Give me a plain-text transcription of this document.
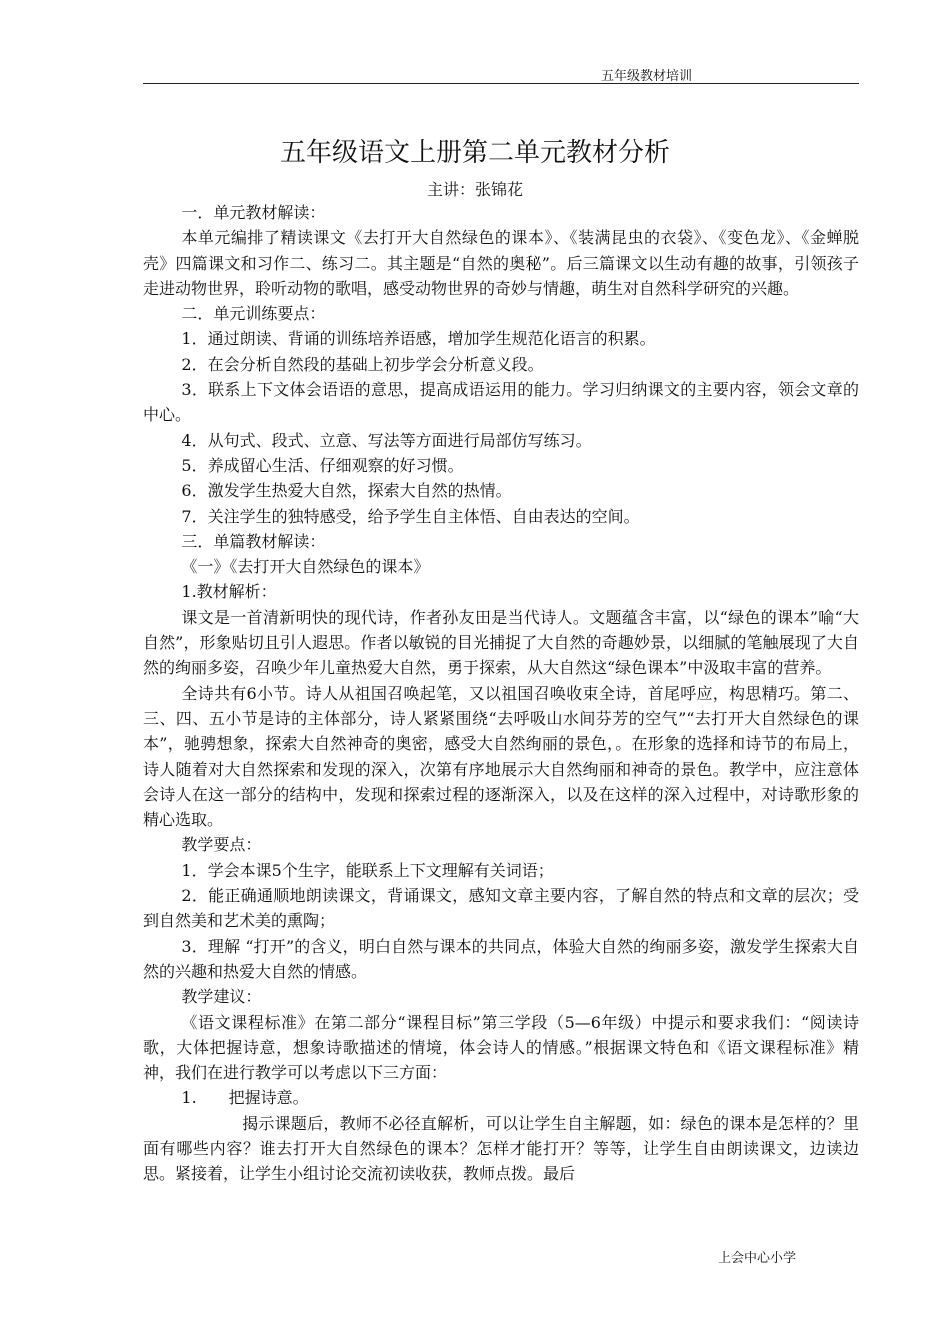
五年级教材培训
五年级语文上册第二单元教材分析
主讲：张锦花

一．单元教材解读：

本单元编排了精读课文《去打开大自然绿色的课本》、《装满昆虫的衣袋》、《变色龙》、《金蝉脱壳》四篇课文和习作二、练习二。其主题是“自然的奥秘”。后三篇课文以生动有趣的故事，引领孩子走进动物世界，聆听动物的歌唱，感受动物世界的奇妙与情趣，萌生对自然科学研究的兴趣。

二．单元训练要点：

1．通过朗读、背诵的训练培养语感，增加学生规范化语言的积累。

2．在会分析自然段的基础上初步学会分析意义段。

3．联系上下文体会语语的意思，提高成语运用的能力。学习归纳课文的主要内容，领会文章的中心。

4．从句式、段式、立意、写法等方面进行局部仿写练习。

5．养成留心生活、仔细观察的好习惯。

6．激发学生热爱大自然，探索大自然的热情。

7．关注学生的独特感受，给予学生自主体悟、自由表达的空间。

三．单篇教材解读：

《一》《去打开大自然绿色的课本》

1.教材解析：

课文是一首清新明快的现代诗，作者孙友田是当代诗人。文题蕴含丰富，以“绿色的课本”喻“大自然”，形象贴切且引人遐思。作者以敏锐的目光捕捉了大自然的奇趣妙景，以细腻的笔触展现了大自然的绚丽多姿，召唤少年儿童热爱大自然，勇于探索，从大自然这“绿色课本”中汲取丰富的营养。

全诗共有6小节。诗人从祖国召唤起笔，又以祖国召唤收束全诗，首尾呼应，构思精巧。第二、三、四、五小节是诗的主体部分，诗人紧紧围绕“去呼吸山水间芬芳的空气”“去打开大自然绿色的课本”，驰骋想象，探索大自然神奇的奥密，感受大自然绚丽的景色，。在形象的选择和诗节的布局上，诗人随着对大自然探索和发现的深入，次第有序地展示大自然绚丽和神奇的景色。教学中，应注意体会诗人在这一部分的结构中，发现和探索过程的逐渐深入，以及在这样的深入过程中，对诗歌形象的精心选取。

教学要点：

1．学会本课5个生字，能联系上下文理解有关词语；

2．能正确通顺地朗读课文，背诵课文，感知文章主要内容，了解自然的特点和文章的层次；受到自然美和艺术美的熏陶；

3．理解 “打开”的含义，明白自然与课本的共同点，体验大自然的绚丽多姿，激发学生探索大自然的兴趣和热爱大自然的情感。

教学建议：

《语文课程标准》在第二部分“课程目标”第三学段（5—6年级）中提示和要求我们：“阅读诗歌，大体把握诗意，想象诗歌描述的情境，体会诗人的情感。”根据课文特色和《语文课程标准》精神，我们在进行教学可以考虑以下三方面：

1.　　把握诗意。

揭示课题后，教师不必径直解析，可以让学生自主解题，如：绿色的课本是怎样的？里面有哪些内容？谁去打开大自然绿色的课本？怎样才能打开？等等，让学生自由朗读课文，边读边思。紧接着，让学生小组讨论交流初读收获，教师点拨。最后

上会中心小学
